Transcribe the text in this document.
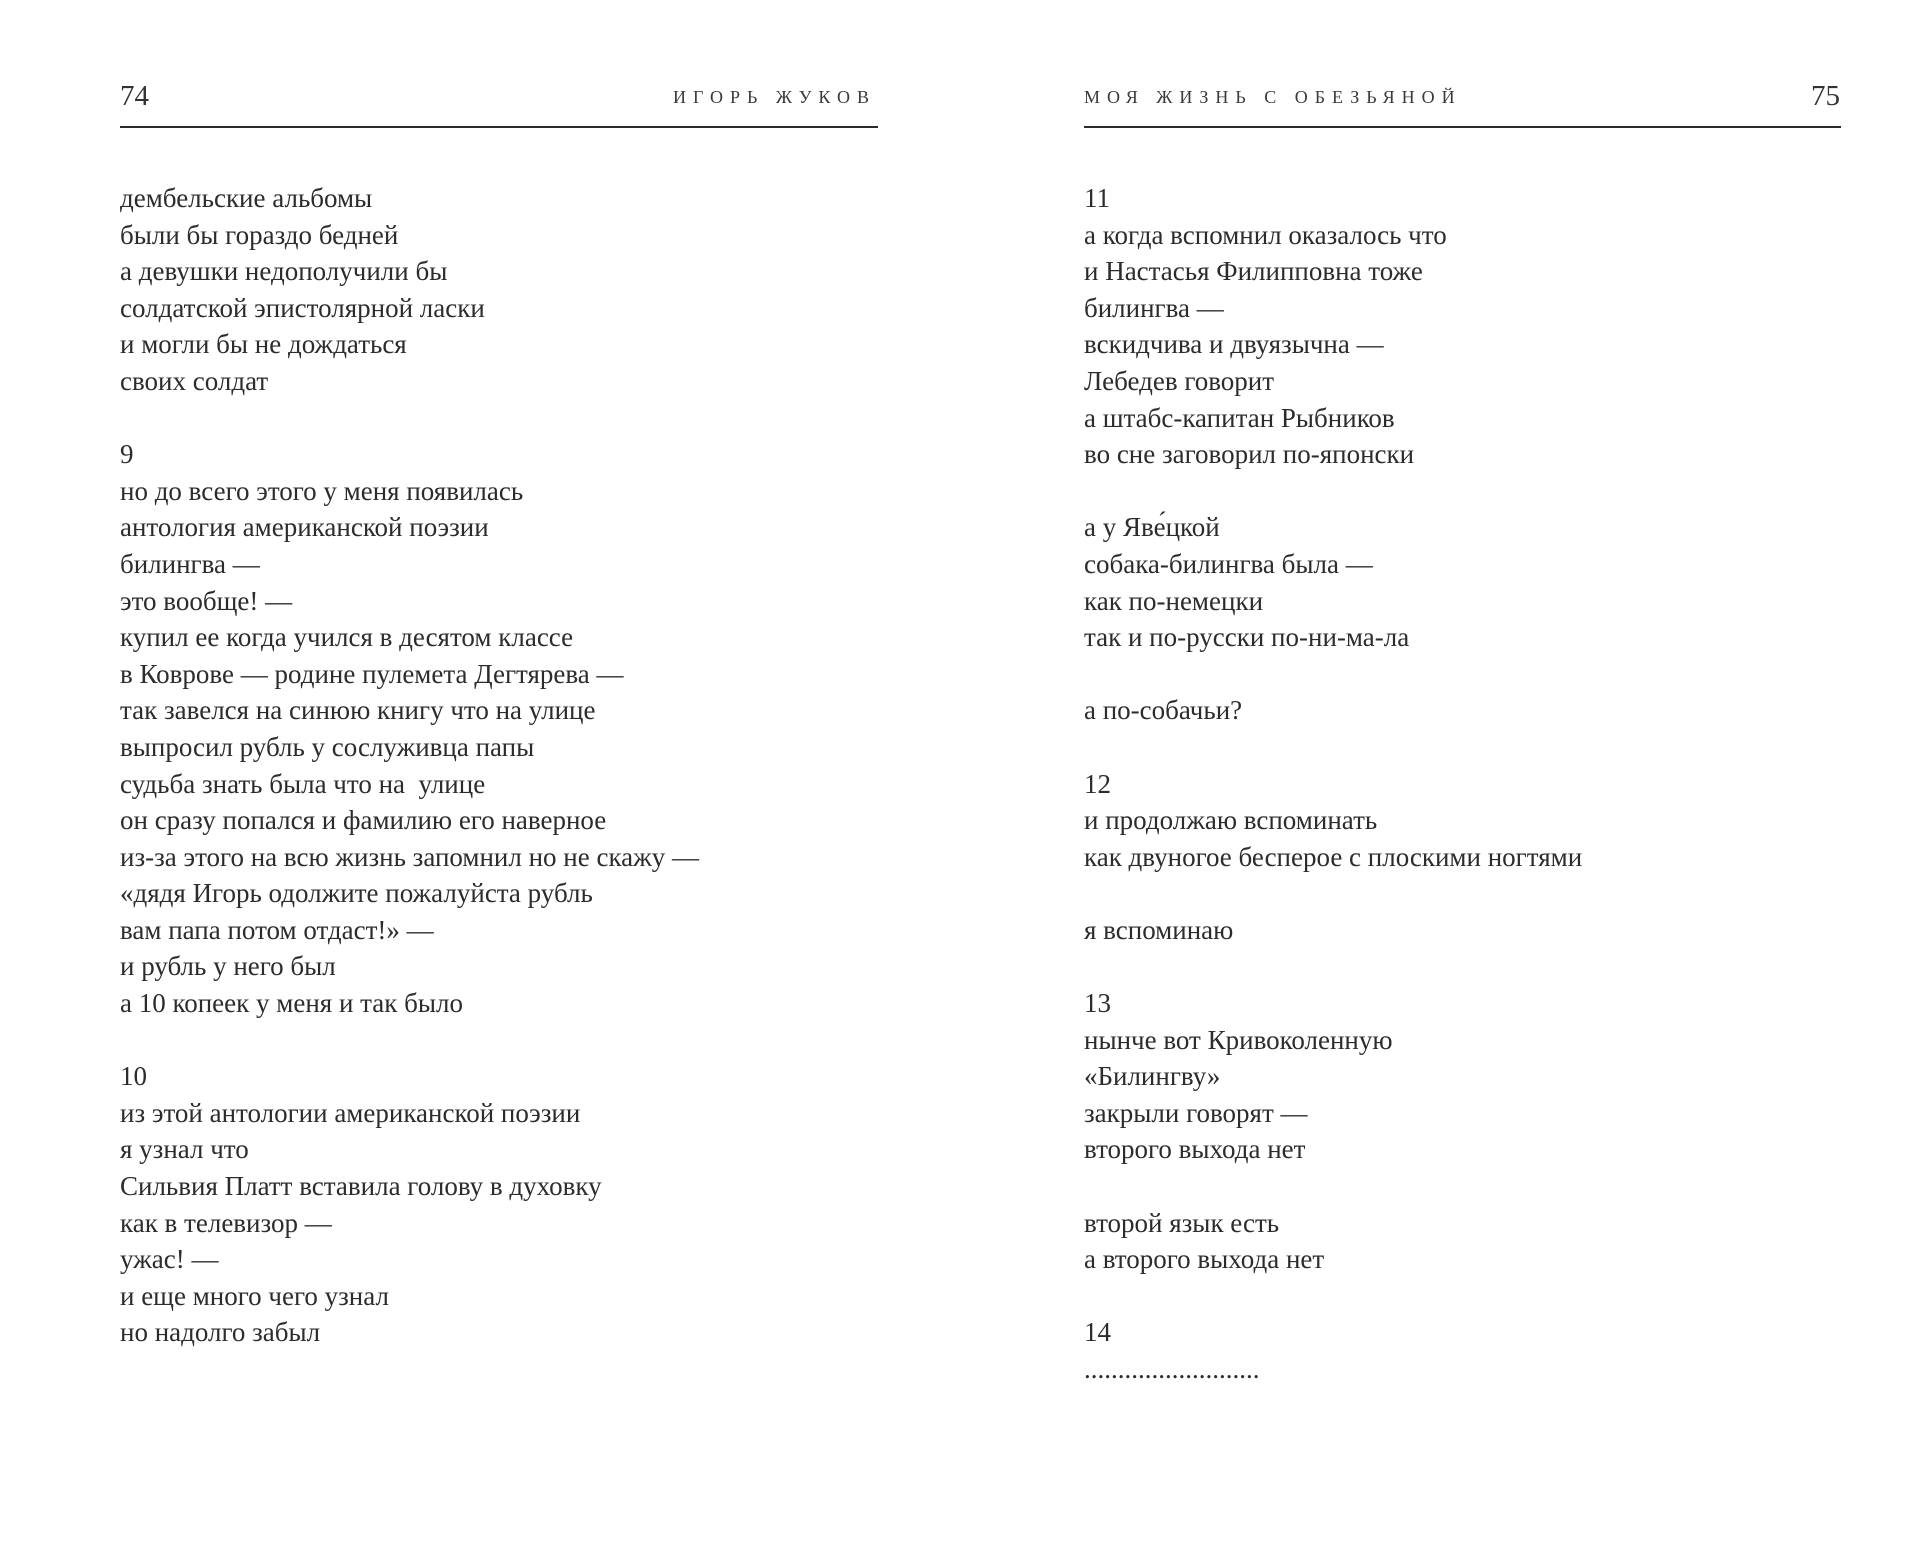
74	ИГОРЬ ЖУКОВ
дембельские альбомы
были бы гораздо бедней
а девушки недополучили бы
солдатской эпистолярной ласки
и могли бы не дождаться
своих солдат
9
но до всего этого у меня появилась
антология американской поэзии
билингва —
это вообще! —
купил ее когда учился в десятом классе
в Коврове — родине пулемета Дегтярева —
так завелся на синюю книгу что на улице
выпросил рубль у сослуживца папы
судьба знать была что на  улице
он сразу попался и фамилию его наверное
из-за этого на всю жизнь запомнил но не скажу —
«дядя Игорь одолжите пожалуйста рубль
вам папа потом отдаст!» —
и рубль у него был
а 10 копеек у меня и так было
10
из этой антологии американской поэзии
я узнал что
Сильвия Платт вставила голову в духовку
как в телевизор —
ужас! —
и еще много чего узнал
но надолго забыл
МОЯ ЖИЗНЬ С ОБЕЗЬЯНОЙ	75
11
а когда вспомнил оказалось что
и Настасья Филипповна тоже
билингва —
вскидчива и двуязычна —
Лебедев говорит
а штабс-капитан Рыбников
во сне заговорил по-японски
а у Яве́цкой
собака-билингва была —
как по-немецки
так и по-русски по-ни-ма-ла
а по-собачьи?
12
и продолжаю вспоминать
как двуногое бесперое с плоскими ногтями
я вспоминаю
13
нынче вот Кривоколенную
«Билингву»
закрыли говорят —
второго выхода нет
второй язык есть
а второго выхода нет
14
..........................
